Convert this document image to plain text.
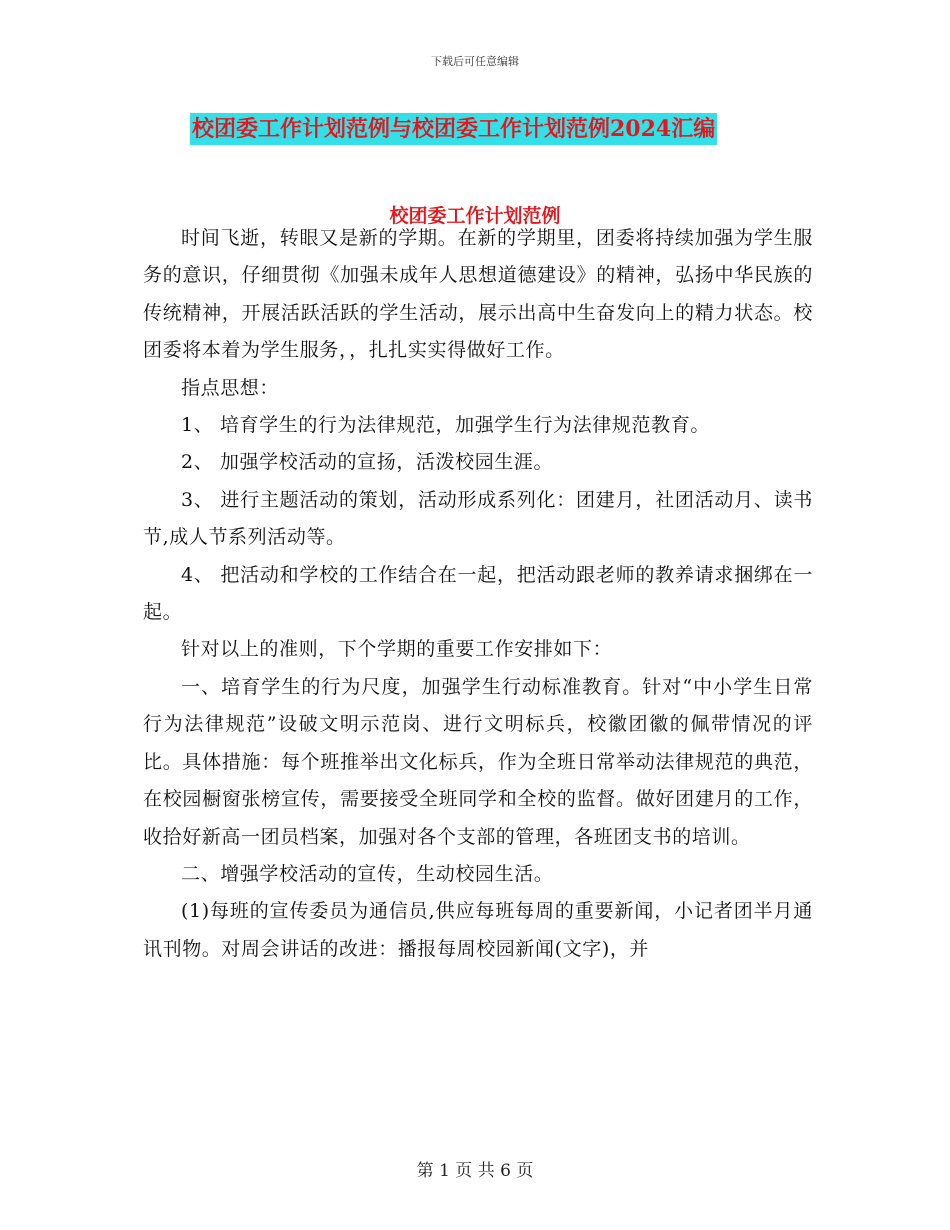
下载后可任意编辑
校团委工作计划范例与校团委工作计划范例2024汇编
校团委工作计划范例

时间飞逝，转眼又是新的学期。在新的学期里，团委将持续加强为学生服务的意识，仔细贯彻《加强未成年人思想道德建设》的精神，弘扬中华民族的传统精神，开展活跃活跃的学生活动，展示出高中生奋发向上的精力状态。校团委将本着为学生服务，，扎扎实实得做好工作。

指点思想：

1、 培育学生的行为法律规范，加强学生行为法律规范教育。

2、 加强学校活动的宣扬，活泼校园生涯。

3、 进行主题活动的策划，活动形成系列化：团建月，社团活动月、读书节,成人节系列活动等。

4、 把活动和学校的工作结合在一起，把活动跟老师的教养请求捆绑在一起。

针对以上的准则，下个学期的重要工作安排如下：

一、培育学生的行为尺度，加强学生行动标准教育。针对“中小学生日常行为法律规范”设破文明示范岗、进行文明标兵，校徽团徽的佩带情况的评比。具体措施：每个班推举出文化标兵，作为全班日常举动法律规范的典范，在校园橱窗张榜宣传，需要接受全班同学和全校的监督。做好团建月的工作，收拾好新高一团员档案，加强对各个支部的管理，各班团支书的培训。

二、增强学校活动的宣传，生动校园生活。

(1)每班的宣传委员为通信员,供应每班每周的重要新闻，小记者团半月通讯刊物。对周会讲话的改进：播报每周校园新闻(文字)，并

第 1 页 共 6 页
